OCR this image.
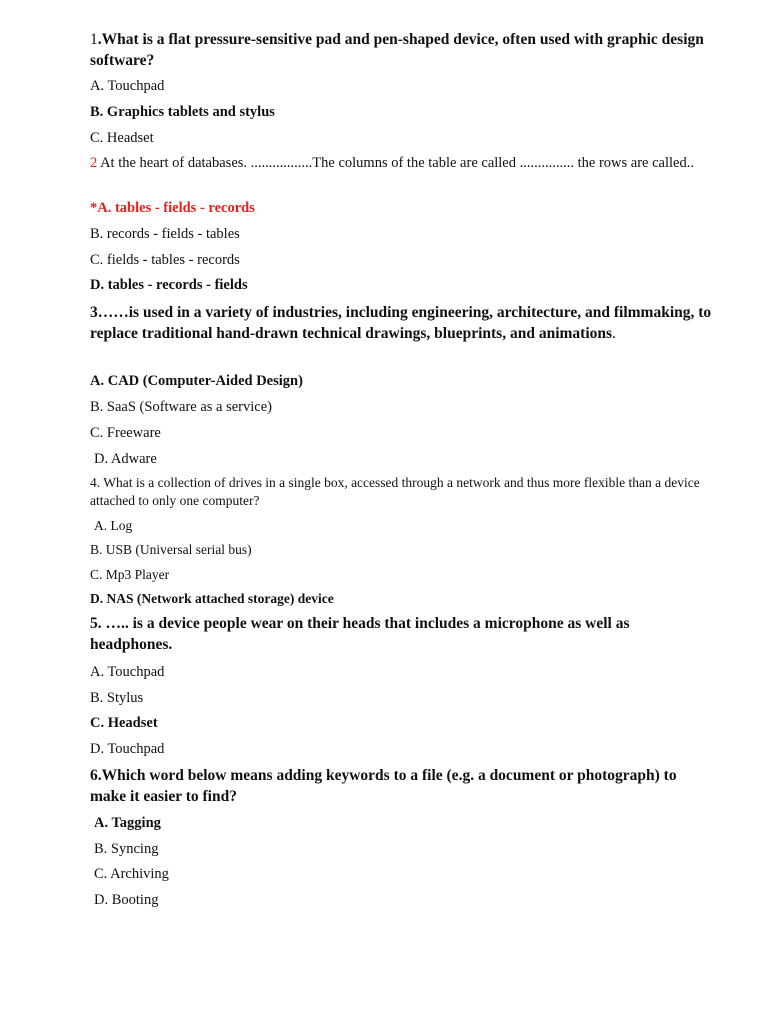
1.What is a flat pressure-sensitive pad and pen-shaped device, often used with graphic design software?

A. Touchpad

B. Graphics tablets and stylus

C. Headset

2 At the heart of databases. .................The columns of the table are called ............... the rows are called..

*A. tables - fields - records

B. records - fields - tables

C. fields - tables - records

D. tables - records - fields

3……is used in a variety of industries, including engineering, architecture, and filmmaking, to replace traditional hand-drawn technical drawings, blueprints, and animations.

A. CAD (Computer-Aided Design)

B. SaaS (Software as a service)

C. Freeware

D. Adware

4. What is a collection of drives in a single box, accessed through a network and thus more flexible than a device attached to only one computer?

A. Log

B. USB (Universal serial bus)

C. Mp3 Player

D. NAS (Network attached storage) device

5. ….. is a device people wear on their heads that includes a microphone as well as headphones.

A. Touchpad

B. Stylus

C. Headset

D. Touchpad

6.Which word below means adding keywords to a file (e.g. a document or photograph) to make it easier to find?

A. Tagging

B. Syncing

C. Archiving

D. Booting
